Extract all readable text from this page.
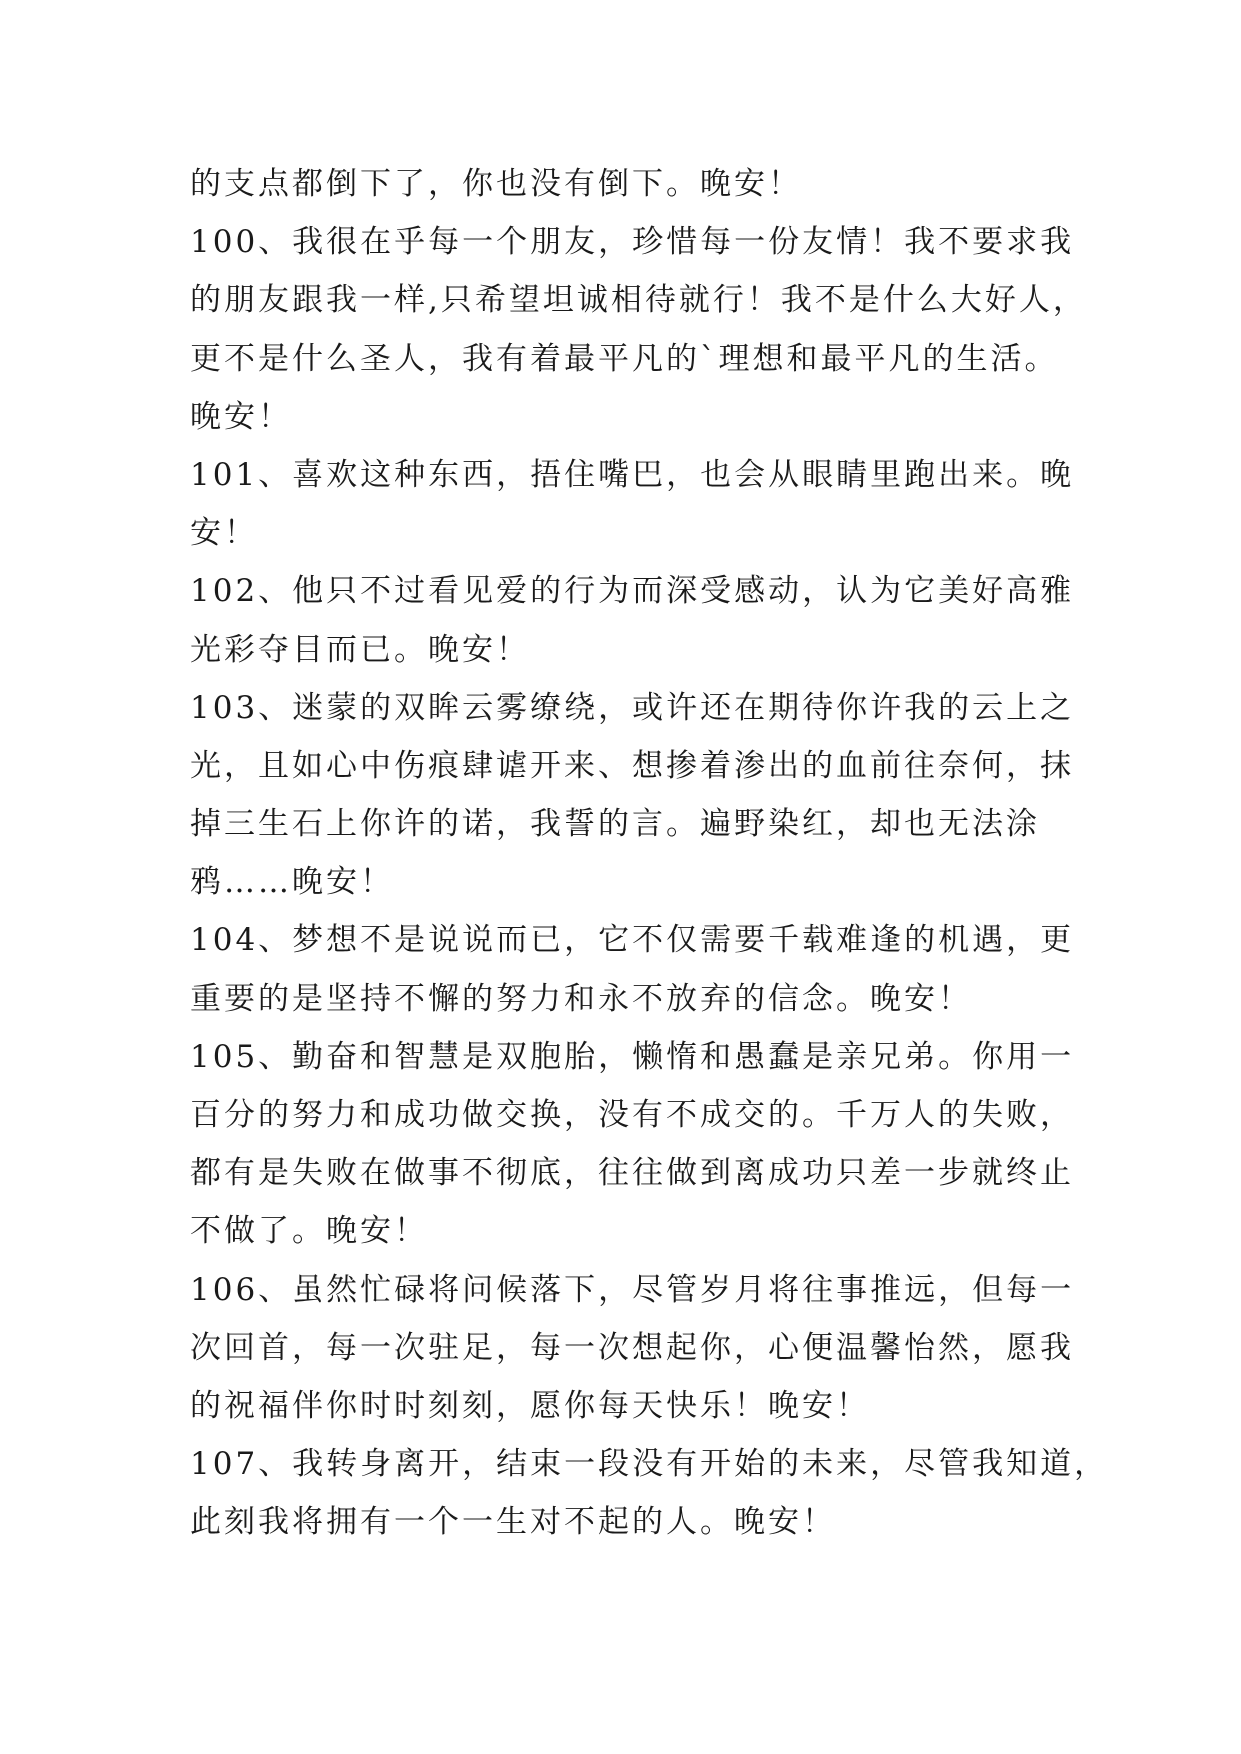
的支点都倒下了，你也没有倒下。晚安！
100、我很在乎每一个朋友，珍惜每一份友情！我不要求我
的朋友跟我一样,只希望坦诚相待就行！我不是什么大好人，
更不是什么圣人，我有着最平凡的`理想和最平凡的生活。
晚安！
101、喜欢这种东西，捂住嘴巴，也会从眼睛里跑出来。晚
安！
102、他只不过看见爱的行为而深受感动，认为它美好高雅
光彩夺目而已。晚安！
103、迷蒙的双眸云雾缭绕，或许还在期待你许我的云上之
光，且如心中伤痕肆谑开来、想掺着渗出的血前往奈何，抹
掉三生石上你许的诺，我誓的言。遍野染红，却也无法涂
鸦……晚安！
104、梦想不是说说而已，它不仅需要千载难逢的机遇，更
重要的是坚持不懈的努力和永不放弃的信念。晚安！
105、勤奋和智慧是双胞胎，懒惰和愚蠢是亲兄弟。你用一
百分的努力和成功做交换，没有不成交的。千万人的失败，
都有是失败在做事不彻底，往往做到离成功只差一步就终止
不做了。晚安！
106、虽然忙碌将问候落下，尽管岁月将往事推远，但每一
次回首，每一次驻足，每一次想起你，心便温馨怡然，愿我
的祝福伴你时时刻刻，愿你每天快乐！晚安！
107、我转身离开，结束一段没有开始的未来，尽管我知道，
此刻我将拥有一个一生对不起的人。晚安！
